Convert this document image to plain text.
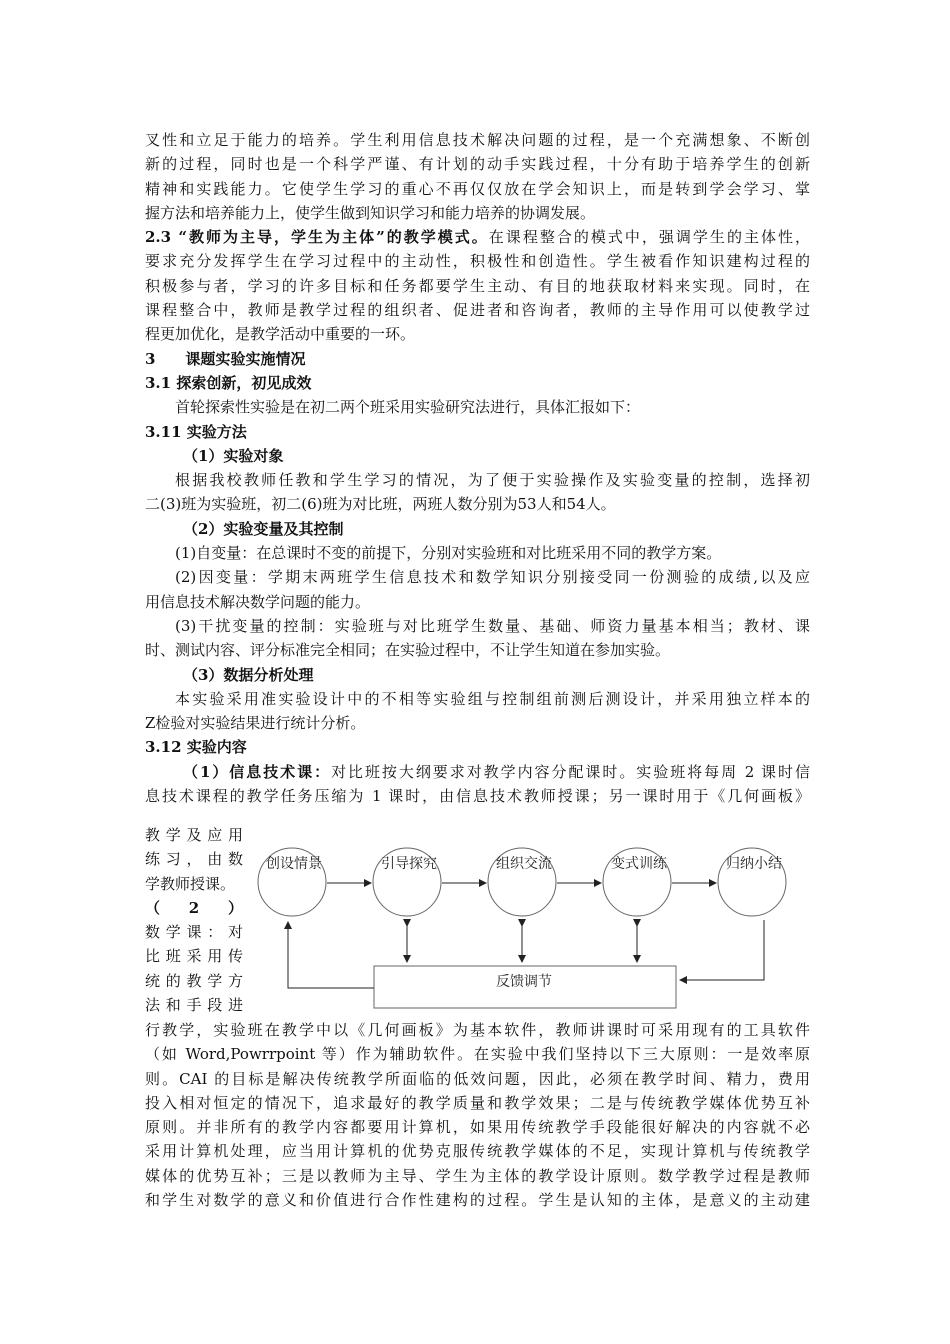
叉性和立足于能力的培养。学生利用信息技术解决问题的过程，是一个充满想象、不断创
新的过程，同时也是一个科学严谨、有计划的动手实践过程，十分有助于培养学生的创新
精神和实践能力。它使学生学习的重心不再仅仅放在学会知识上，而是转到学会学习、掌
握方法和培养能力上，使学生做到知识学习和能力培养的协调发展。
2.3 “教师为主导，学生为主体”的教学模式。在课程整合的模式中，强调学生的主体性，
要求充分发挥学生在学习过程中的主动性，积极性和创造性。学生被看作知识建构过程的
积极参与者，学习的许多目标和任务都要学生主动、有目的地获取材料来实现。同时，在
课程整合中，教师是教学过程的组织者、促进者和咨询者，教师的主导作用可以使教学过
程更加优化，是教学活动中重要的一环。
3　　课题实验实施情况
3.1 探索创新，初见成效
首轮探索性实验是在初二两个班采用实验研究法进行，具体汇报如下：
3.11 实验方法
（1）实验对象
根据我校教师任教和学生学习的情况，为了便于实验操作及实验变量的控制，选择初
二(3)班为实验班，初二(6)班为对比班，两班人数分别为53人和54人。
（2）实验变量及其控制
(1)自变量：在总课时不变的前提下，分别对实验班和对比班采用不同的教学方案。
(2)因变量：学期末两班学生信息技术和数学知识分别接受同一份测验的成绩,以及应
用信息技术解决数学问题的能力。
(3)干扰变量的控制：实验班与对比班学生数量、基础、师资力量基本相当；教材、课
时、测试内容、评分标准完全相同；在实验过程中，不让学生知道在参加实验。
（3）数据分析处理
本实验采用准实验设计中的不相等实验组与控制组前测后测设计，并采用独立样本的
Z检验对实验结果进行统计分析。
3.12 实验内容
（1）信息技术课：对比班按大纲要求对教学内容分配课时。实验班将每周 2 课时信
息技术课程的教学任务压缩为 1 课时，由信息技术教师授课；另一课时用于《几何画板》
教 学 及 应 用
练 习 ， 由 数
学教师授课。
（　2　）
数 学 课 ： 对
比 班 采 用 传
统 的 教 学 方
法 和 手 段 进
创设情景	引导探究	组织交流	变式训练	归纳小结
反馈调节
行教学，实验班在教学中以《几何画板》为基本软件，教师讲课时可采用现有的工具软件
（如 Word,Powrrpoint 等）作为辅助软件。在实验中我们坚持以下三大原则：一是效率原
则。CAI 的目标是解决传统教学所面临的低效问题，因此，必须在教学时间、精力，费用
投入相对恒定的情况下，追求最好的教学质量和教学效果；二是与传统教学媒体优势互补
原则。并非所有的教学内容都要用计算机，如果用传统教学手段能很好解决的内容就不必
采用计算机处理，应当用计算机的优势克服传统教学媒体的不足，实现计算机与传统教学
媒体的优势互补；三是以教师为主导、学生为主体的教学设计原则。数学教学过程是教师
和学生对数学的意义和价值进行合作性建构的过程。学生是认知的主体，是意义的主动建
